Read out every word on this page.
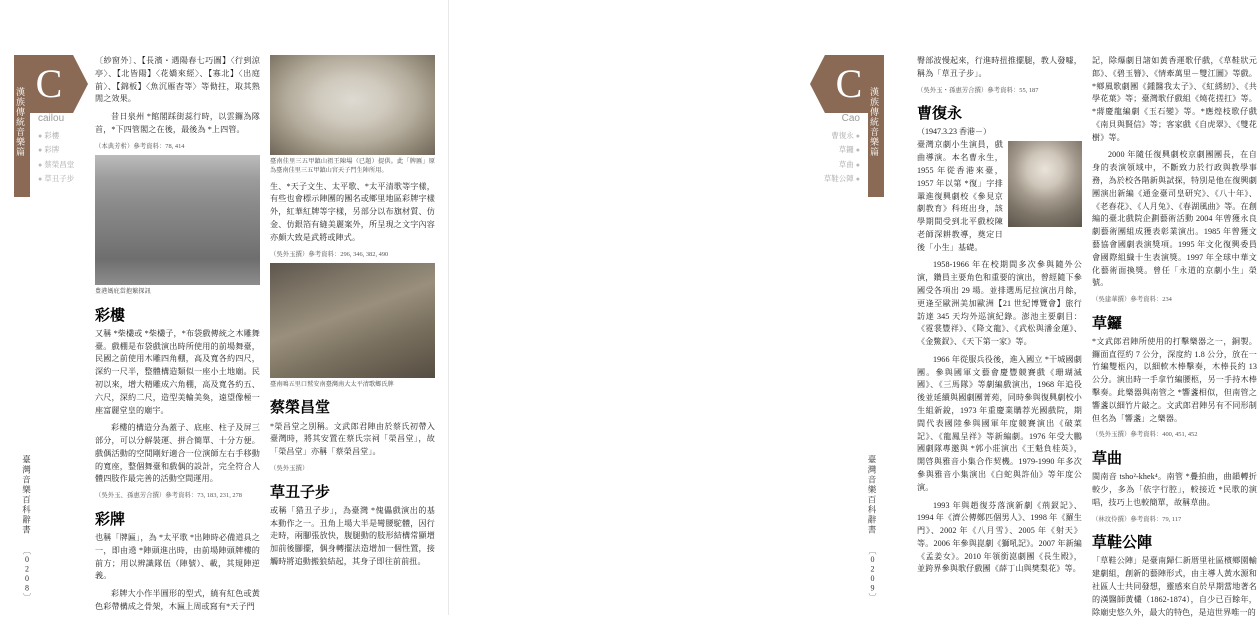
C
漢族傳統音樂篇	cailou
● 彩樓
● 彩牌
● 蔡榮昌堂
● 草丑子步
〔紗窗外〕、【長濱・遇陽春七巧圖】〈行到涼亭〉、【北皆陽】〈花嬌來經〉、【寡北】〈出庭前〉、【錦板】〈魚沉雁杳等〉等㑃拄，取其熟閒之效果。
昔日泉州 *館閣踩街蕊行時，以雲鑼為隊首，*下四管閣之在後，最後為 *上四管。
（本典芳㭊）參考資料：78, 414
豊港媽庇當抱繁探訊
彩樓
又稱 *柴欉或 *柴欉子，*布袋戲傳統之木雕舞臺。戲棚是布袋戲演出時所使用的前場舞臺，民國之前使用木雕四角棚，高及寬各約四尺，深約一尺半，整體構造類似一座小土地廟。民初以來，增大精雕成六角棚，高及寬各約五、六尺，深約二尺，造型美輪美奐，遠望像極一座富麗堂皇的廟宇。
彩樓的構造分為蓋子、底座、柱子及屏三部分，可以分解裝運、拼合簡單、十分方便。戲偶活動的空間剛好適合一位演師左右手移動的寬座，整個舞臺和戲偶的設計，完全符合人體四肢作最完善的活動空間運用。
（吳外玉、孫惠芳合撰）參考資料：73, 183, 231, 278
彩牌
也稱「牌匾」，為 *太平歌 *出陣時必備道具之一，即由遶 *陣頭進出時，由前場陣頭牌樓的前方；用以辨識隊伍（陣號）、載，其規陣逆義。
彩牌大小作半圓形的型式，繞有紅色或黃色彩帶構成之骨架，木匾上周或寫有*天子門
臺南佳里三五甲鎮山祖王陳場（已題）提供。此「牌匾」原為臺南佳里三五甲鎮山宮天子門生陣所用。
生、*天子文生、太平歌、*太平清歌等字樣，有些也會標示陣團的團名或鄉里地區彩牌字樣外，紅華紅牌等字樣，另部分以布旗材質、仿金、仿銀箔有縫美麗案外，所呈現之文字內容亦頗大致是武將或陣式。
（吳外玉撰）參考資料：296, 346, 382, 490
臺南鳴五里口鷲安南臺灣南大太平清歌鄉氏牌
蔡榮昌堂
*榮昌堂之別稱。文武郎君陣由於蔡氏初帶入臺灣時，將其安置在蔡氏宗祠「榮昌堂」，故「榮昌堂」亦稱「蔡榮昌堂」。
（吳外玉撰）
草丑子步
或稱「猎丑子步」，為臺灣 *傀儡戲演出的基本動作之一。丑角上場大半是彎腰駝體，因行走時，兩腳張放快，腹腿動的肢形結構常顯增加前後腳擺，偶身轉擺法造增加一個性置，接觸時將追動搬狼結起，其身子即往前前扭。
臺灣音樂百科辭書 〔0208〕
C
漢族傳統音樂篇
Cao
曹復永 ●
草鑼 ●
草曲 ●
草鞋公陣 ●
臀部波慢起來，行進時扭推擺腿，教人發噱，稱為「草丑子步」。
（吳外玉・孫惠芳合撰）參考資料：55, 187
曹復永
（1947.3.23 香港－）
臺灣京劇小生演員，戲曲導演。本名曹永生，1955 年從香港來臺，1957 年以第 *復」字排輩進復興劇校《參見京劇教育》科班出身，該學期間受到北平戲校陳老師深耕教導，奠定日後「小生」基礎。
1958-1966 年在校期間多次參與隨外公演，鑽員主要角色和重要的演出，曾經隨下參國受各項出 29 場。並排選馬尼拉演出月餘，更逢至歐洲美加歐洲【21 世紀博覽會】旅行訪達 345 天均外巡演紀錄。澎池主要劇目：《霓裳豐祥》、《降文龍》、《武松與潘金蓮》、《金鱉釵》、《天下第一家》等。
1966 年從服兵役後，進入國立 *干城國劇團。參與國軍文藝會慶豐競賽戲《珊瑚滅國》、《三馬隊》等劇編戲演出，1968 年追役後並延續與國劇團菁苑，同時參與復興劇校小生組新銳，1973 年重慶業購荐光國戲院，期間代表國陸參與國軍年度競賽演出《破菜記》、《龍鳳呈祥》等新編劇。1976 年受大鵬國劇隊專邀與 *郭小莊演出《王魁負桂英》，開啓與雅音小集合作契機。1979-1990 年多次參與雅音小集演出《白蛇與許仙》等年度公演。
1993 年與趙復芬落演新劇《荊釵記》、1994 年《濟公傳鄭匹個男人》、1998 年《羅生門》、2002 年《八月雪》、2005 年《射天》等。2006 年參與崑劇《獅吼記》。2007 年新編《孟姜女》。2010 年領銜崑劇團《長生殿》，並跨界參與歌仔戲團《薛丁山與樊梨花》等。
記，除爆劇目諸如黃香運歌仔戲，《草鞋狀元郎》、《碧玉簪》、《情牽萬里－雙江圖》等戲。*鄉風歌劇團《鍾醫我太子》、《紅綉紉》、《共學花葉》等；臺灣歌仔戲組《燒花搓扛》等。*蔣慶龍編劇《玉石變》等。*應煌枝歌仔戲《南貝與賢信》等；客家戲《自虎翠》、《雙花樹》等。
2000 年隨任復興劇校京劇團團長，在自身的表演領域中，不斷致力於行政與教學事務，為於校各階新與試探，特別是他在復興劇團演出新編《通金臺司皇研究》、《八十年》、《老春花》、《人月兔》、《春湖風曲》等。在創編的臺北戲院企劃藝術活動 2004 年曾獲永良劇藝術團組成獲表彰業演出。1985 年曾獲文藝協會國劇表演獎項。1995 年文化復興委員會國際組織十生表演獎。1997 年全球中華文化藝術面換獎。曾任「永道的京劇小生」榮號。
（吳建華撰）參考資料：234
草鑼
*文武郎君陣所使用的打擊樂器之一，銅製。鑼面直徑約 7 公分，深度約 1.8 公分，放在一竹編雙柩內，以細軟木棒擊奏，木棒長約 13 公分。演出時一手拿竹編腰柩，另一手持木棒擊奏。此樂器與南管之 *響盞相似，但南管之響盞以細竹片敲之。文武郎君陣另有不同形制但名為「響盞」之樂器。
（吳外玉撰）參考資料：400, 451, 452
草曲
閩南音 tsho²-khek⁴。南管 *疊拍曲，曲韻轉折較少，多為「依字行腔」，較接近 *民歌的演唱，技巧上也較簡單，故稱草曲。
（林玟伶撰）參考資料：79, 117
草鞋公陣
「草鞋公陣」是臺南歸仁新厝里社區檳鄉園輸建劇組，創新的藝陣形式，由主導人黃水源和社區人士共同發想，靈感來自於早期當地著名的漢醫師黃欉（1862-1874），自少已百餘年，除廟史悠久外，最大的特色，是這世界唯一的
臺灣音樂百科辭書 〔0209〕
